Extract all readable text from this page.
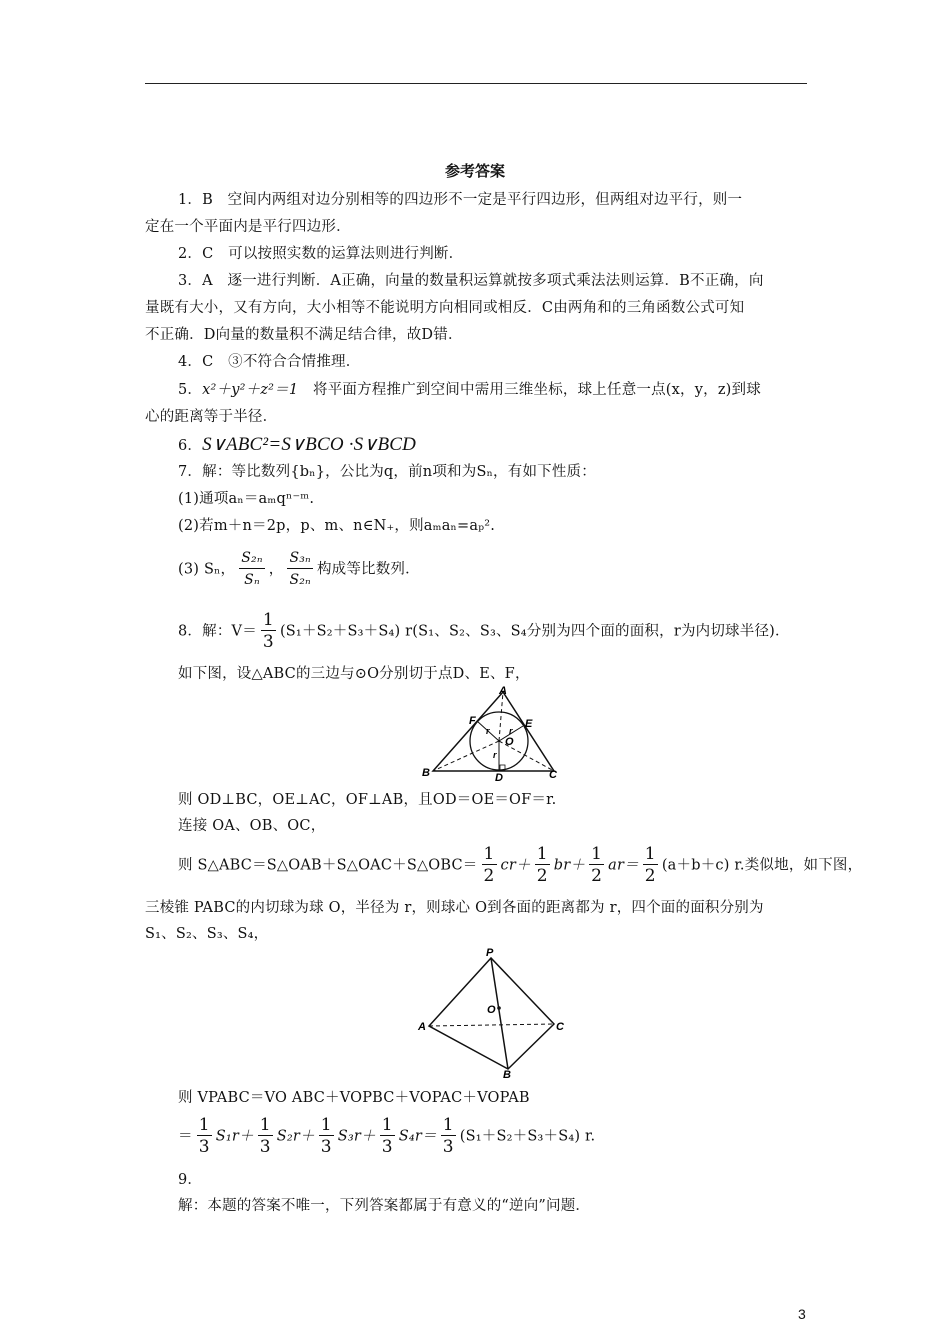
参考答案
1．B　空间内两组对边分别相等的四边形不一定是平行四边形，但两组对边平行，则一
定在一个平面内是平行四边形．
2．C　可以按照实数的运算法则进行判断．
3．A　逐一进行判断．A正确，向量的数量积运算就按多项式乘法法则运算．B不正确，向
量既有大小，又有方向，大小相等不能说明方向相同或相反．C由两角和的三角函数公式可知
不正确．D向量的数量积不满足结合律，故D错．
4．C　③不符合合情推理．
5．x²＋y²＋z²＝1　将平面方程推广到空间中需用三维坐标，球上任意一点(x，y，z)到球
心的距离等于半径．
6．S∨ABC²=S∨BCO ·S∨BCD
7．解：等比数列{bₙ}，公比为q，前n项和为Sₙ，有如下性质：
(1)通项aₙ＝aₘqⁿ⁻ᵐ.
(2)若m＋n＝2p，p、m、n∈N₊，则aₘaₙ=aₚ².
(3) Sₙ， $\frac{\text{S₂ₙ}}{\text{Sₙ}}$ ， $\frac{\text{S₃ₙ}}{\text{S₂ₙ}}$ 构成等比数列．
8．解：$V= \frac{1}{3} (S_1+S_2+S_3+S_4)$ r(S₁、S₂、S₃、S₄分别为四个面的面积，r为内切球半径)．
如下图，设△ABC的三边与⊙O分别切于点D、E、F，
A
B	C
D
E
F
O
r r
r
则 OD⊥BC，OE⊥AC，OF⊥AB，且OD＝OE＝OF＝r.
连接 OA、OB、OC，
则 S△ABC＝S△OAB＋S△OAC＋S△OBC＝ $\frac{1}{2} cr+ \frac{1}{2} br+ \frac{1}{2} ar= \frac{1}{2} (a+b+c)$ r.类似地，如下图，
三棱锥 PABC的内切球为球 O，半径为 r，则球心 O到各面的距离都为 r，四个面的面积分别为
S₁、S₂、S₃、S₄，
P
A
B
C
O
则 VPABC＝VO ABC＋VOPBC＋VOPAC＋VOPAB
＝ $\frac{1}{3} S_1r+ \frac{1}{3} S_2r+ \frac{1}{3} S_3r+ \frac{1}{3} S_4r= \frac{1}{3} (S_1+S_2+S_3+S_4)$ r.
9．
解：本题的答案不唯一，下列答案都属于有意义的“逆向”问题．
3
